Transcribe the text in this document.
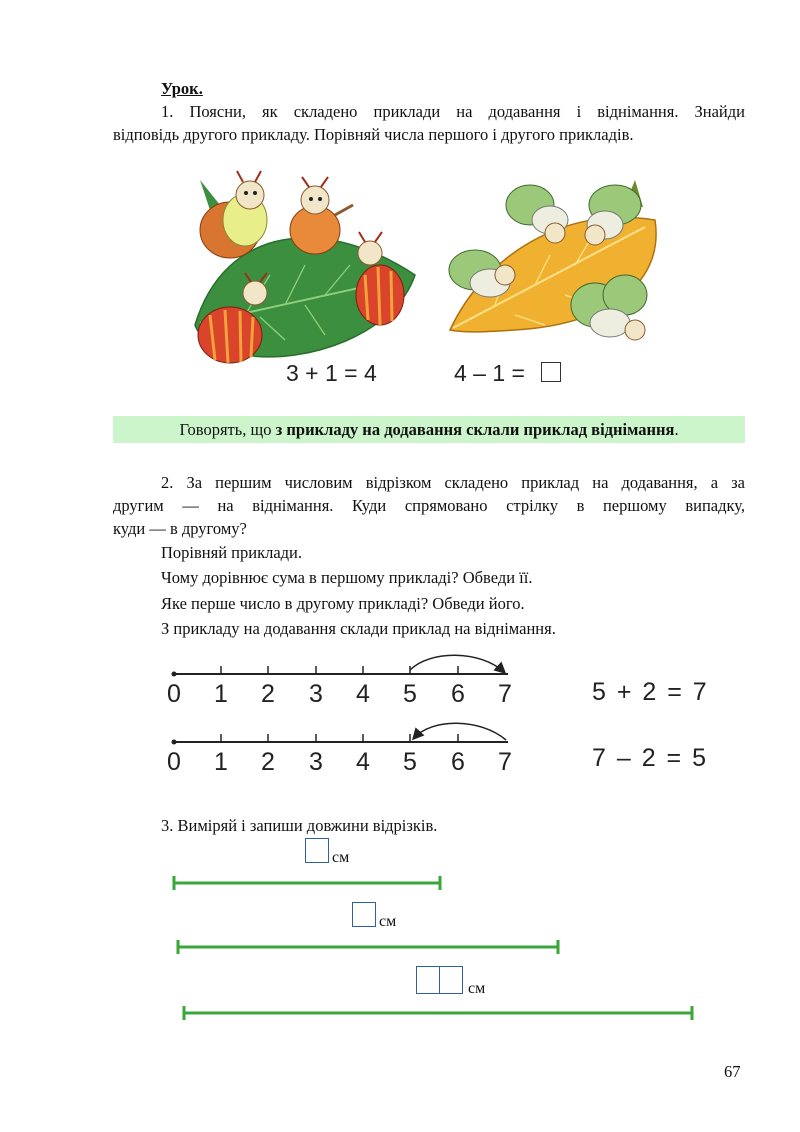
Урок.
1. Поясни, як складено приклади на додавання і віднімання. Знайди
відповідь другого прикладу. Порівняй числа першого і другого прикладів.
3 + 1 = 4	4 – 1 =
Говорять, що з прикладу на додавання склали приклад віднімання.
2. За першим числовим відрізком складено приклад на додавання, а за
другим — на віднімання. Куди спрямовано стрілку в першому випадку,
куди — в другому?
Порівняй приклади.
Чому дорівнює сума в першому прикладі? Обведи її.
Яке перше число в другому прикладі? Обведи його.
З прикладу на додавання склади приклад на віднімання.
0 1 2 3 4 5 6 7	5 + 2 = 7
0 1 2 3 4 5 6 7	7 – 2 = 5
3. Виміряй і запиши довжини відрізків.
см
см
см
67
